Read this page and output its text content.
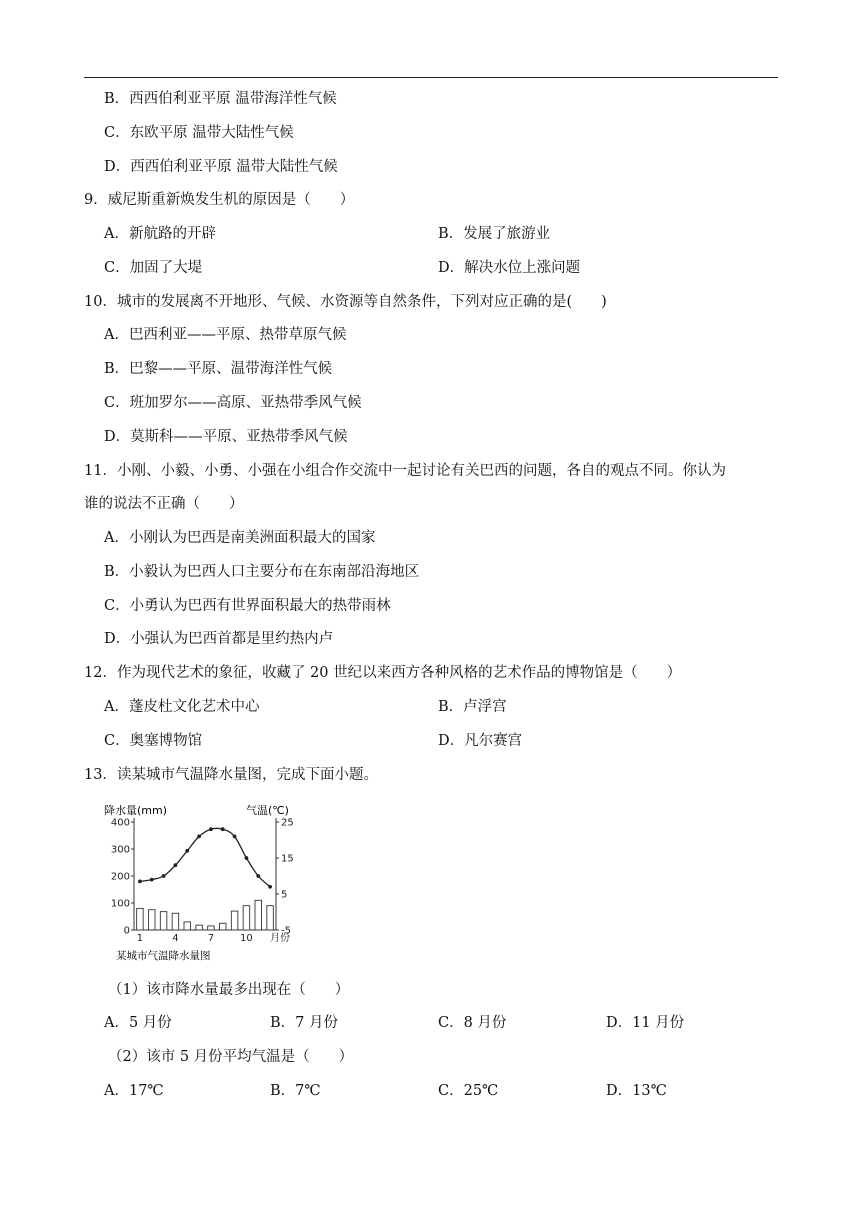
B．西西伯利亚平原 温带海洋性气候
C．东欧平原 温带大陆性气候
D．西西伯利亚平原 温带大陆性气候
9．威尼斯重新焕发生机的原因是（　　）
A．新航路的开辟	B．发展了旅游业
C．加固了大堤	D．解决水位上涨问题
10．城市的发展离不开地形、气候、水资源等自然条件，下列对应正确的是(　　)
A．巴西利亚——平原、热带草原气候
B．巴黎——平原、温带海洋性气候
C．班加罗尔——高原、亚热带季风气候
D．莫斯科——平原、亚热带季风气候
11．小刚、小毅、小勇、小强在小组合作交流中一起讨论有关巴西的问题，各自的观点不同。你认为
谁的说法不正确（　　）
A．小刚认为巴西是南美洲面积最大的国家
B．小毅认为巴西人口主要分布在东南部沿海地区
C．小勇认为巴西有世界面积最大的热带雨林
D．小强认为巴西首都是里约热内卢
12．作为现代艺术的象征，收藏了 20 世纪以来西方各种风格的艺术作品的博物馆是（　　）
A．蓬皮杜文化艺术中心	B．卢浮宫
C．奥塞博物馆	D．凡尔赛宫
13．读某城市气温降水量图，完成下面小题。
降水量(mm)	气温(℃)
400
300
200
100
0
25
15
5
-5
1	4	7	10 月份
某城市气温降水量图
（1）该市降水量最多出现在（　　）
A．5 月份	B．7 月份	C．8 月份	D．11 月份
（2）该市 5 月份平均气温是（　　）
A．17℃	B．7℃	C．25℃	D．13℃
